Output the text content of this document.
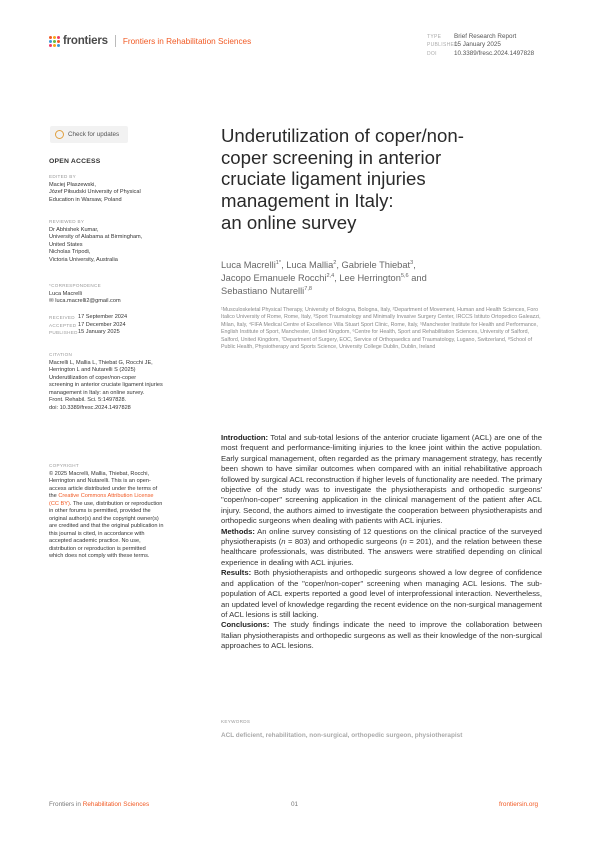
frontiers Frontiers in Rehabilitation Sciences	TYPE Brief Research Report
PUBLISHED15 January 2025
DOI	10.3389/fresc.2024.1497828
Check for updates
OPEN ACCESS
EDITED BY
Maciej Płaszewski,
Józef Piłsudski University of Physical
Education in Warsaw, Poland
REVIEWED BY
Dr Abhishek Kumar,
University of Alabama at Birmingham,
United States
Nicholas Tripodi,
Victoria University, Australia
*CORRESPONDENCE
Luca Macrelli
✉ luca.macrelli2@gmail.com
RECEIVED 17 September 2024
ACCEPTED 17 December 2024
PUBLISHED 15 January 2025
CITATION
Macrelli L, Mallia L, Thiebat G, Rocchi JE,
Herrington L and Nutarelli S (2025)
Underutilization of coper/non-coper
screening in anterior cruciate ligament injuries
management in Italy: an online survey.
Front. Rehabil. Sci. 5:1497828.
doi: 10.3389/fresc.2024.1497828
COPYRIGHT
© 2025 Macrelli, Mallia, Thiebat, Rocchi,
Herrington and Nutarelli. This is an open-
access article distributed under the terms of
the Creative Commons Attribution License
(CC BY). The use, distribution or reproduction
in other forums is permitted, provided the
original author(s) and the copyright owner(s)
are credited and that the original publication in
this journal is cited, in accordance with
accepted academic practice. No use,
distribution or reproduction is permitted
which does not comply with these terms.
Underutilization of coper/non-
coper screening in anterior
cruciate ligament injuries
management in Italy:
an online survey
Luca Macrelli$^{1*}$, Luca Mallia$^2$, Gabriele Thiebat$^3$,
Jacopo Emanuele Rocchi$^{2,4}$, Lee Herrington$^{5,6}$ and
Sebastiano Nutarelli$^{7,8}$
¹Musculoskeletal Physical Therapy, University of Bologna, Bologna, Italy, ²Department of Movement, Human and Health Sciences, Foro Italico University of Rome, Rome, Italy, ³Sport Traumatology and Minimally Invasive Surgery Center, IRCCS Istituto Ortopedico Galeazzi, Milan, Italy, ⁴FIFA Medical Centre of Excellence Villa Stuart Sport Clinic, Rome, Italy, ⁵Manchester Institute for Health and Performance, English Institute of Sport, Manchester, United Kingdom, ⁶Centre for Health, Sport and Rehabilitation Sciences, University of Salford, Salford, United Kingdom, ⁷Department of Surgery, EOC, Service of Orthopaedics and Traumatology, Lugano, Switzerland, ⁸School of Public Health, Physiotherapy and Sports Science, University College Dublin, Dublin, Ireland

Introduction: Total and sub-total lesions of the anterior cruciate ligament (ACL) are one of the most frequent and performance-limiting injuries to the knee joint within the active population. Early surgical management, often regarded as the primary management strategy, has recently been shown to have similar outcomes when compared with an initial rehabilitative approach followed by surgical ACL reconstruction if higher levels of functionality are needed. The primary objective of the study was to investigate the physiotherapists and orthopedic surgeons' "coper/non-coper" screening application in the clinical management of the patient after ACL injury. Second, the authors aimed to investigate the cooperation between physiotherapists and orthopedic surgeons when dealing with patients with ACL injuries.

Methods: An online survey consisting of 12 questions on the clinical practice of the surveyed physiotherapists (n = 803) and orthopedic surgeons (n = 201), and the relation between these healthcare professionals, was distributed. The answers were stratified depending on clinical experience in dealing with ACL injuries.

Results: Both physiotherapists and orthopedic surgeons showed a low degree of confidence and application of the "coper/non-coper" screening when managing ACL lesions. The sub-population of ACL experts reported a good level of interprofessional interaction. Nevertheless, an updated level of knowledge regarding the recent evidence on the non-surgical management of ACL lesions is still lacking.

Conclusions: The study findings indicate the need to improve the collaboration between Italian physiotherapists and orthopedic surgeons as well as their knowledge of the non-surgical approaches to ACL lesions.

KEYWORDS
ACL deficient, rehabilitation, non-surgical, orthopedic surgeon, physiotherapist
Frontiers in Rehabilitation Sciences	01	frontiersin.org
